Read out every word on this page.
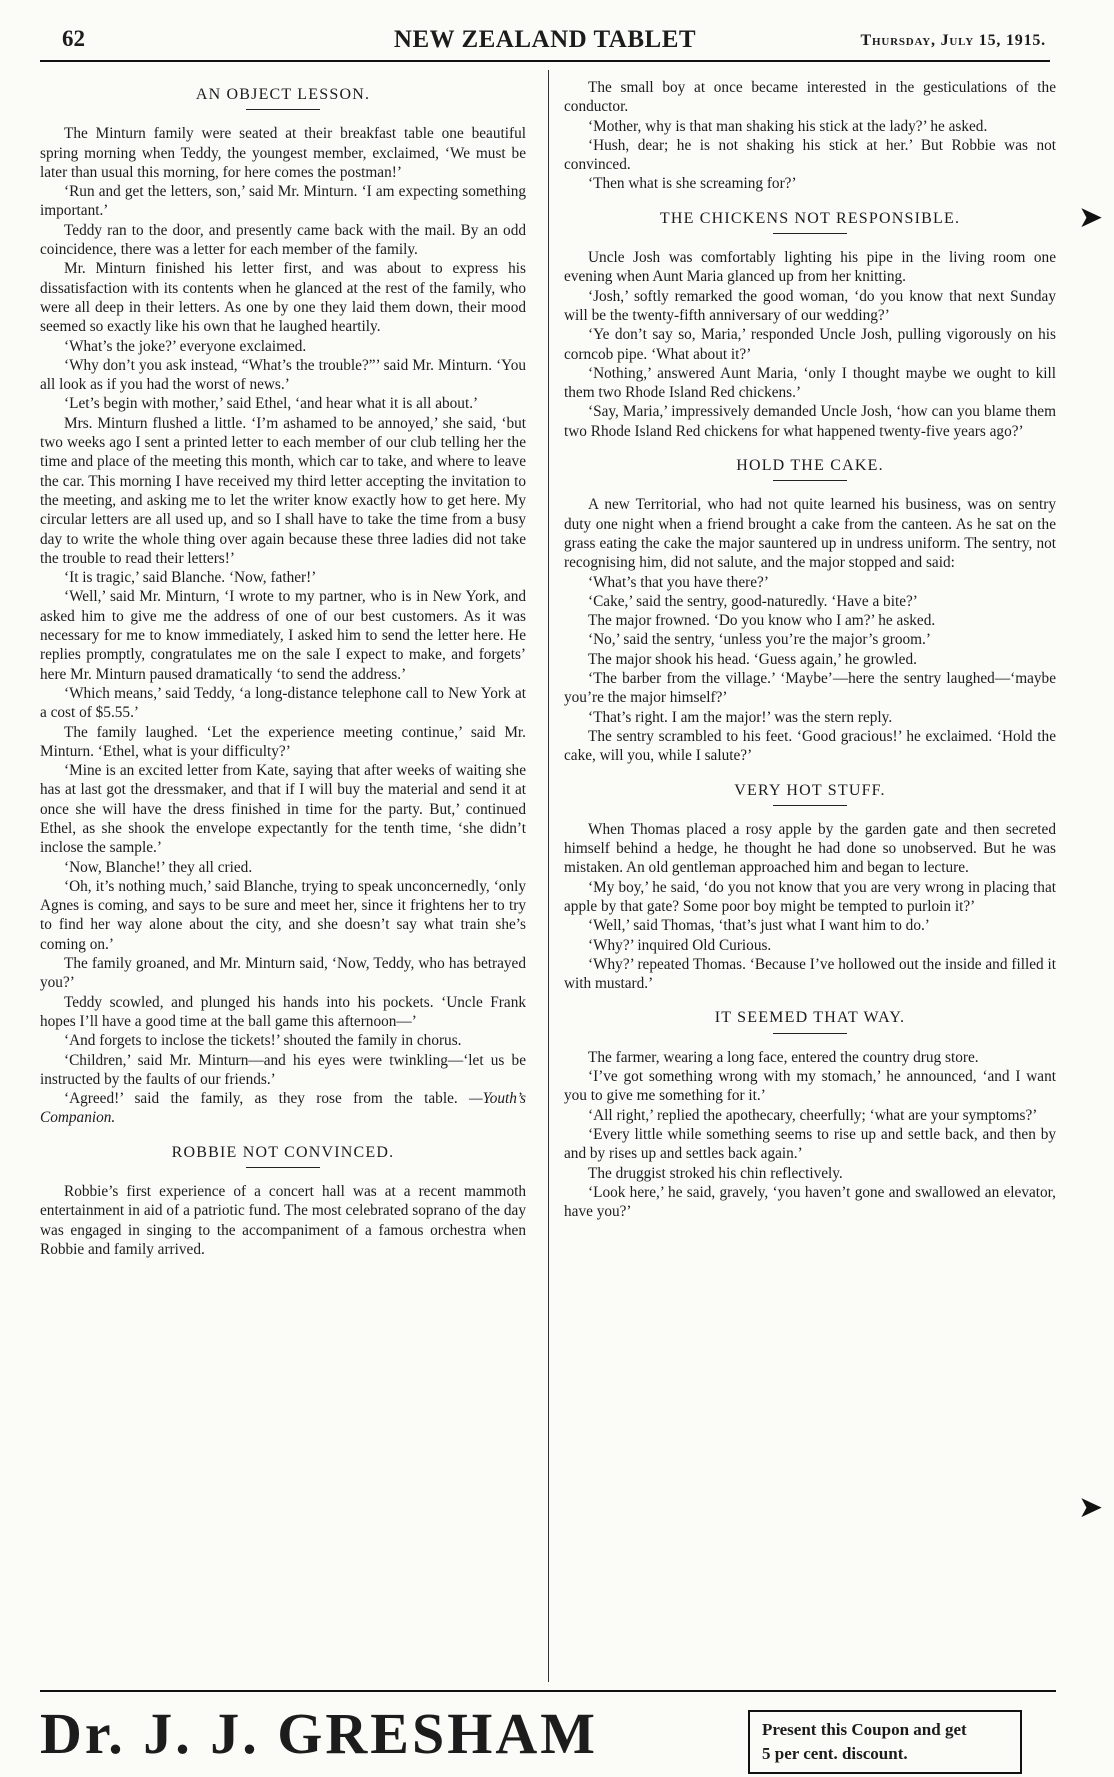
62	NEW ZEALAND TABLET	Thursday, July 15, 1915.
AN OBJECT LESSON.

The Minturn family were seated at their breakfast table one beautiful spring morning when Teddy, the youngest member, exclaimed, ‘We must be later than usual this morning, for here comes the postman!’

‘Run and get the letters, son,’ said Mr. Minturn. ‘I am expecting something important.’

Teddy ran to the door, and presently came back with the mail. By an odd coincidence, there was a letter for each member of the family.

Mr. Minturn finished his letter first, and was about to express his dissatisfaction with its contents when he glanced at the rest of the family, who were all deep in their letters. As one by one they laid them down, their mood seemed so exactly like his own that he laughed heartily.

‘What’s the joke?’ everyone exclaimed.

‘Why don’t you ask instead, “What’s the trouble?”’ said Mr. Minturn. ‘You all look as if you had the worst of news.’

‘Let’s begin with mother,’ said Ethel, ‘and hear what it is all about.’

Mrs. Minturn flushed a little. ‘I’m ashamed to be annoyed,’ she said, ‘but two weeks ago I sent a printed letter to each member of our club telling her the time and place of the meeting this month, which car to take, and where to leave the car. This morning I have received my third letter accepting the invitation to the meeting, and asking me to let the writer know exactly how to get here. My circular letters are all used up, and so I shall have to take the time from a busy day to write the whole thing over again because these three ladies did not take the trouble to read their letters!’

‘It is tragic,’ said Blanche. ‘Now, father!’

‘Well,’ said Mr. Minturn, ‘I wrote to my partner, who is in New York, and asked him to give me the address of one of our best customers. As it was necessary for me to know immediately, I asked him to send the letter here. He replies promptly, congratulates me on the sale I expect to make, and forgets’ here Mr. Minturn paused dramatically ‘to send the address.’

‘Which means,’ said Teddy, ‘a long-distance telephone call to New York at a cost of $5.55.’

The family laughed. ‘Let the experience meeting continue,’ said Mr. Minturn. ‘Ethel, what is your difficulty?’

‘Mine is an excited letter from Kate, saying that after weeks of waiting she has at last got the dressmaker, and that if I will buy the material and send it at once she will have the dress finished in time for the party. But,’ continued Ethel, as she shook the envelope expectantly for the tenth time, ‘she didn’t inclose the sample.’

‘Now, Blanche!’ they all cried.

‘Oh, it’s nothing much,’ said Blanche, trying to speak unconcernedly, ‘only Agnes is coming, and says to be sure and meet her, since it frightens her to try to find her way alone about the city, and she doesn’t say what train she’s coming on.’

The family groaned, and Mr. Minturn said, ‘Now, Teddy, who has betrayed you?’

Teddy scowled, and plunged his hands into his pockets. ‘Uncle Frank hopes I’ll have a good time at the ball game this afternoon—’

‘And forgets to inclose the tickets!’ shouted the family in chorus.

‘Children,’ said Mr. Minturn—and his eyes were twinkling—‘let us be instructed by the faults of our friends.’

‘Agreed!’ said the family, as they rose from the table. —Youth’s Companion.

ROBBIE NOT CONVINCED.

Robbie’s first experience of a concert hall was at a recent mammoth entertainment in aid of a patriotic fund. The most celebrated soprano of the day was engaged in singing to the accompaniment of a famous orchestra when Robbie and family arrived.

The small boy at once became interested in the gesticulations of the conductor.

‘Mother, why is that man shaking his stick at the lady?’ he asked.

‘Hush, dear; he is not shaking his stick at her.’ But Robbie was not convinced.

‘Then what is she screaming for?’

THE CHICKENS NOT RESPONSIBLE.

Uncle Josh was comfortably lighting his pipe in the living room one evening when Aunt Maria glanced up from her knitting.

‘Josh,’ softly remarked the good woman, ‘do you know that next Sunday will be the twenty-fifth anniversary of our wedding?’

‘Ye don’t say so, Maria,’ responded Uncle Josh, pulling vigorously on his corncob pipe. ‘What about it?’

‘Nothing,’ answered Aunt Maria, ‘only I thought maybe we ought to kill them two Rhode Island Red chickens.’

‘Say, Maria,’ impressively demanded Uncle Josh, ‘how can you blame them two Rhode Island Red chickens for what happened twenty-five years ago?’

HOLD THE CAKE.

A new Territorial, who had not quite learned his business, was on sentry duty one night when a friend brought a cake from the canteen. As he sat on the grass eating the cake the major sauntered up in undress uniform. The sentry, not recognising him, did not salute, and the major stopped and said:

‘What’s that you have there?’

‘Cake,’ said the sentry, good-naturedly. ‘Have a bite?’

The major frowned. ‘Do you know who I am?’ he asked.

‘No,’ said the sentry, ‘unless you’re the major’s groom.’

The major shook his head. ‘Guess again,’ he growled.

‘The barber from the village.’ ‘Maybe’—here the sentry laughed—‘maybe you’re the major himself?’

‘That’s right. I am the major!’ was the stern reply.

The sentry scrambled to his feet. ‘Good gracious!’ he exclaimed. ‘Hold the cake, will you, while I salute?’

VERY HOT STUFF.

When Thomas placed a rosy apple by the garden gate and then secreted himself behind a hedge, he thought he had done so unobserved. But he was mistaken. An old gentleman approached him and began to lecture.

‘My boy,’ he said, ‘do you not know that you are very wrong in placing that apple by that gate? Some poor boy might be tempted to purloin it?’

‘Well,’ said Thomas, ‘that’s just what I want him to do.’

‘Why?’ inquired Old Curious.

‘Why?’ repeated Thomas. ‘Because I’ve hollowed out the inside and filled it with mustard.’

IT SEEMED THAT WAY.

The farmer, wearing a long face, entered the country drug store.

‘I’ve got something wrong with my stomach,’ he announced, ‘and I want you to give me something for it.’

‘All right,’ replied the apothecary, cheerfully; ‘what are your symptoms?’

‘Every little while something seems to rise up and settle back, and then by and by rises up and settles back again.’

The druggist stroked his chin reflectively.

‘Look here,’ he said, gravely, ‘you haven’t gone and swallowed an elevator, have you?’

➤
➤
Dr. J. J. GRESHAM	Present this Coupon and get
5 per cent. discount.
